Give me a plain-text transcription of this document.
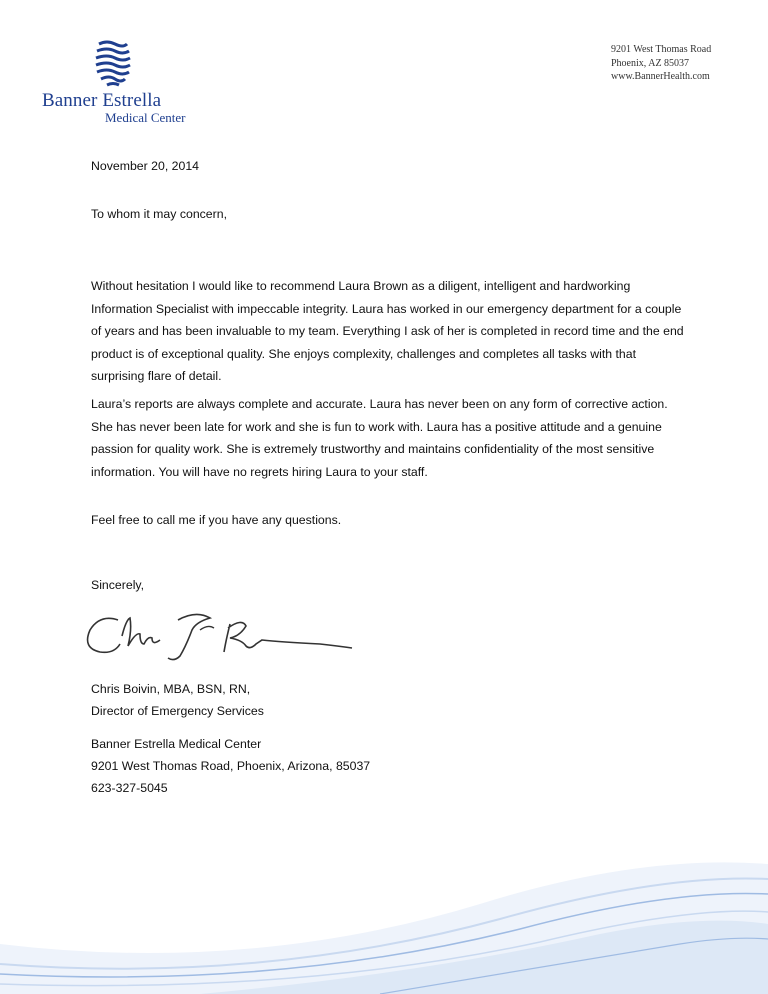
Banner Estrella
Medical Center
9201 West Thomas Road
Phoenix, AZ 85037
www.BannerHealth.com
November 20, 2014
To whom it may concern,
Without hesitation I would like to recommend Laura Brown as a diligent, intelligent and hardworking Information Specialist with impeccable integrity. Laura has worked in our emergency department for a couple of years and has been invaluable to my team. Everything I ask of her is completed in record time and the end product is of exceptional quality. She enjoys complexity, challenges and completes all tasks with that surprising flare of detail.
Laura’s reports are always complete and accurate. Laura has never been on any form of corrective action. She has never been late for work and she is fun to work with. Laura has a positive attitude and a genuine passion for quality work. She is extremely trustworthy and maintains confidentiality of the most sensitive information. You will have no regrets hiring Laura to your staff.
Feel free to call me if you have any questions.
Sincerely,
Chris Boivin, MBA, BSN, RN,
Director of Emergency Services
Banner Estrella Medical Center
9201 West Thomas Road, Phoenix, Arizona, 85037
623-327-5045
